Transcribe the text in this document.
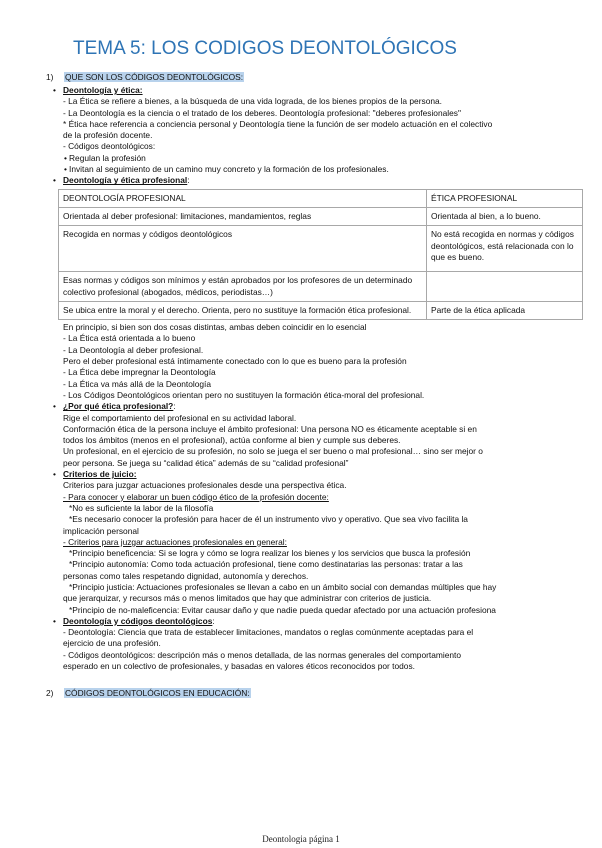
TEMA 5: LOS CODIGOS DEONTOLÓGICOS
1) QUE SON LOS CÓDIGOS DEONTOLÓGICOS:
• Deontología y ética:
- La Ética se refiere a bienes, a la búsqueda de una vida lograda, de los bienes propios de la persona.
- La Deontología es la ciencia o el tratado de los deberes. Deontología profesional: "deberes profesionales"
* Ética hace referencia a conciencia personal y Deontología tiene la función de ser modelo actuación en el colectivo
de la profesión docente.
- Códigos deontológicos:
• Regulan la profesión
• Invitan al seguimiento de un camino muy concreto y la formación de los profesionales.
• Deontología y ética profesional:
DEONTOLOGÍA PROFESIONAL	ÉTICA PROFESIONAL
Orientada al deber profesional: limitaciones, mandamientos, reglas	Orientada al bien, a lo bueno.
Recogida en normas y códigos deontológicos	No está recogida en normas y códigos deontológicos, está relacionada con lo que es bueno.
Esas normas y códigos son mínimos y están aprobados por los profesores de un determinado colectivo profesional (abogados, médicos, periodistas…)	
Se ubica entre la moral y el derecho. Orienta, pero no sustituye la formación ética profesional.	Parte de la ética aplicada
En principio, si bien son dos cosas distintas, ambas deben coincidir en lo esencial
- La Ética está orientada a lo bueno
- La Deontología al deber profesional.
Pero el deber profesional está íntimamente conectado con lo que es bueno para la profesión
- La Ética debe impregnar la Deontología
- La Ética va más allá de la Deontología
- Los Códigos Deontológicos orientan pero no sustituyen la formación ética-moral del profesional.
• ¿Por qué ética profesional?:
Rige el comportamiento del profesional en su actividad laboral.
Conformación ética de la persona incluye el ámbito profesional: Una persona NO es éticamente aceptable si en
todos los ámbitos (menos en el profesional), actúa conforme al bien y cumple sus deberes.
Un profesional, en el ejercicio de su profesión, no solo se juega el ser bueno o mal profesional… sino ser mejor o
peor persona. Se juega su “calidad ética” además de su “calidad profesional”
• Criterios de juicio:
Criterios para juzgar actuaciones profesionales desde una perspectiva ética.
- Para conocer y elaborar un buen código ético de la profesión docente:
*No es suficiente la labor de la filosofía
*Es necesario conocer la profesión para hacer de él un instrumento vivo y operativo. Que sea vivo facilita la
implicación personal
- Criterios para juzgar actuaciones profesionales en general:
*Principio beneficencia: Si se logra y cómo se logra realizar los bienes y los servicios que busca la profesión
*Principio autonomía: Como toda actuación profesional, tiene como destinatarias las personas: tratar a las
personas como tales respetando dignidad, autonomía y derechos.
*Principio justicia: Actuaciones profesionales se llevan a cabo en un ámbito social con demandas múltiples que hay
que jerarquizar, y recursos más o menos limitados que hay que administrar con criterios de justicia.
*Principio de no-maleficencia: Evitar causar daño y que nadie pueda quedar afectado por una actuación profesiona
• Deontología y códigos deontológicos:
- Deontología: Ciencia que trata de establecer limitaciones, mandatos o reglas comúnmente aceptadas para el
ejercicio de una profesión.
- Códigos deontológicos: descripción más o menos detallada, de las normas generales del comportamiento
esperado en un colectivo de profesionales, y basadas en valores éticos reconocidos por todos.
2) CÓDIGOS DEONTOLÓGICOS EN EDUCACIÓN:
Deontologia página 1
